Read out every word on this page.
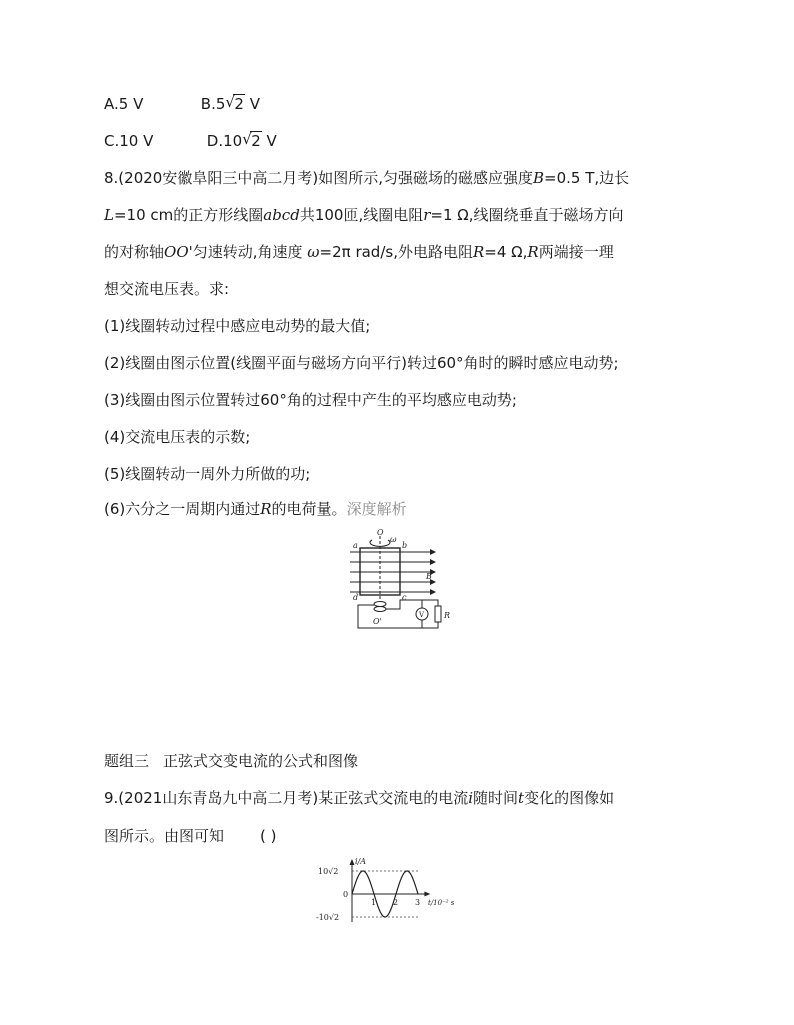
A.5 V	B.5 √ 2 V
C.10 V	D.10 √ 2 V
8.(2020安徽阜阳三中高二月考)如图所示,匀强磁场的磁感应强度B=0.5 T,边长
L=10 cm的正方形线圈abcd共100匝,线圈电阻r=1 Ω,线圈绕垂直于磁场方向
的对称轴OO'匀速转动,角速度 ω=2π rad/s,外电路电阻R=4 Ω,R两端接一理
想交流电压表。求:
(1)线圈转动过程中感应电动势的最大值;
(2)线圈由图示位置(线圈平面与磁场方向平行)转过60°角时的瞬时感应电动势;
(3)线圈由图示位置转过60°角的过程中产生的平均感应电动势;
(4)交流电压表的示数;
(5)线圈转动一周外力所做的功;
(6)六分之一周期内通过R的电荷量。深度解析
O
ω
a	b
B
d	c
O'
V R
题组三 正弦式交变电流的公式和图像
9.(2021山东青岛九中高二月考)某正弦式交流电的电流i随时间t变化的图像如
图所示。由图可知 ( )
1 2 3
10√2
0
-10√2
i/A
t/10⁻² s
